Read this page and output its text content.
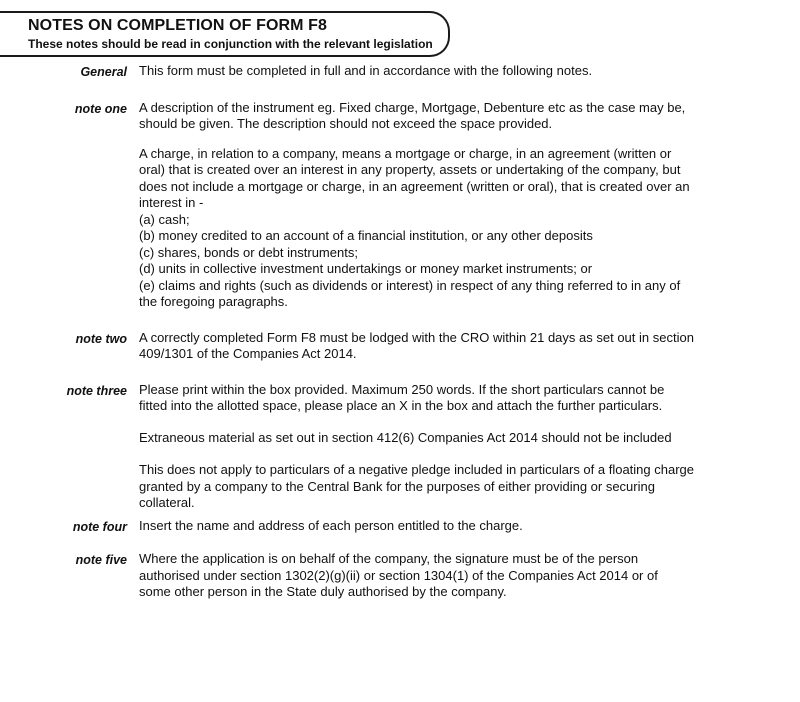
NOTES ON COMPLETION OF FORM F8
These notes should be read in conjunction with the relevant legislation
General This form must be completed in full and in accordance with the following notes.

note one A description of the instrument eg. Fixed charge, Mortgage, Debenture etc as the case may be,
should be given. The description should not exceed the space provided.

A charge, in relation to a company, means a mortgage or charge, in an agreement (written or
oral) that is created over an interest in any property, assets or undertaking of the company, but
does not include a mortgage or charge, in an agreement (written or oral), that is created over an
interest in -
(a) cash;
(b) money credited to an account of a financial institution, or any other deposits
(c) shares, bonds or debt instruments;
(d) units in collective investment undertakings or money market instruments; or
(e) claims and rights (such as dividends or interest) in respect of any thing referred to in any of
the foregoing paragraphs.

note two A correctly completed Form F8 must be lodged with the CRO within 21 days as set out in section
409/1301 of the Companies Act 2014.

note three Please print within the box provided. Maximum 250 words. If the short particulars cannot be
fitted into the allotted space, please place an X in the box and attach the further particulars.

Extraneous material as set out in section 412(6) Companies Act 2014 should not be included

This does not apply to particulars of a negative pledge included in particulars of a floating charge
granted by a company to the Central Bank for the purposes of either providing or securing
collateral.

note four Insert the name and address of each person entitled to the charge.

note five Where the application is on behalf of the company, the signature must be of the person
authorised under section 1302(2)(g)(ii) or section 1304(1) of the Companies Act 2014 or of
some other person in the State duly authorised by the company.
